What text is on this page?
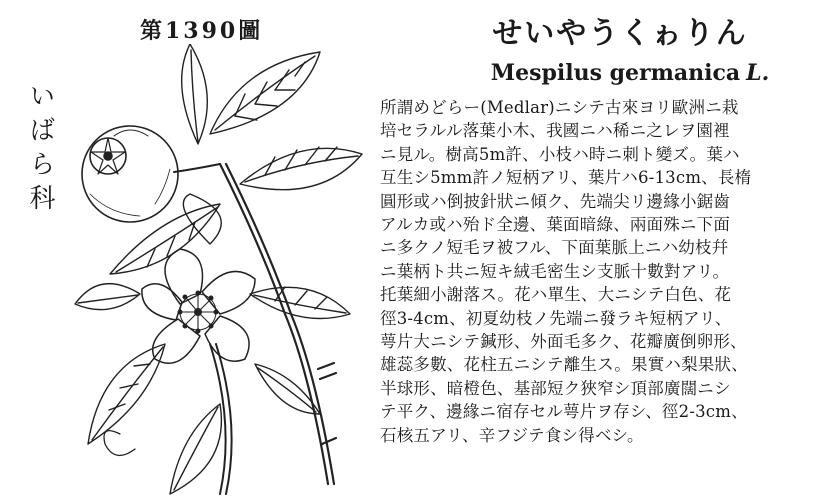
第1390圖
いばら科
せいやうくゎりん
Mespilus germanica L.
所謂めどらー(Medlar)ニシテ古來ヨリ歐洲ニ栽
培セラルル落葉小木、我國ニハ稀ニ之レヲ園裡
ニ見ル。樹高5m許、小枝ハ時ニ刺ト變ズ。葉ハ
互生シ5mm許ノ短柄アリ、葉片ハ6-13cm、長楕
圓形或ハ倒披針狀ニ傾ク、先端尖リ邊緣小鋸齒
アルカ或ハ殆ド全邊、葉面暗綠、兩面殊ニ下面
ニ多クノ短毛ヲ被フル、下面葉脈上ニハ幼枝幷
ニ葉柄ト共ニ短キ絨毛密生シ支脈十數對アリ。
托葉細小謝落ス。花ハ單生、大ニシテ白色、花
徑3-4cm、初夏幼枝ノ先端ニ發ラキ短柄アリ、
萼片大ニシテ鍼形、外面毛多ク、花瓣廣倒卵形、
雄蕊多數、花柱五ニシテ離生ス。果實ハ梨果狀、
半球形、暗橙色、基部短ク狹窄シ頂部廣闊ニシ
テ平ク、邊緣ニ宿存セル萼片ヲ存シ、徑2-3cm、
石核五アリ、辛フジテ食シ得ベシ。
